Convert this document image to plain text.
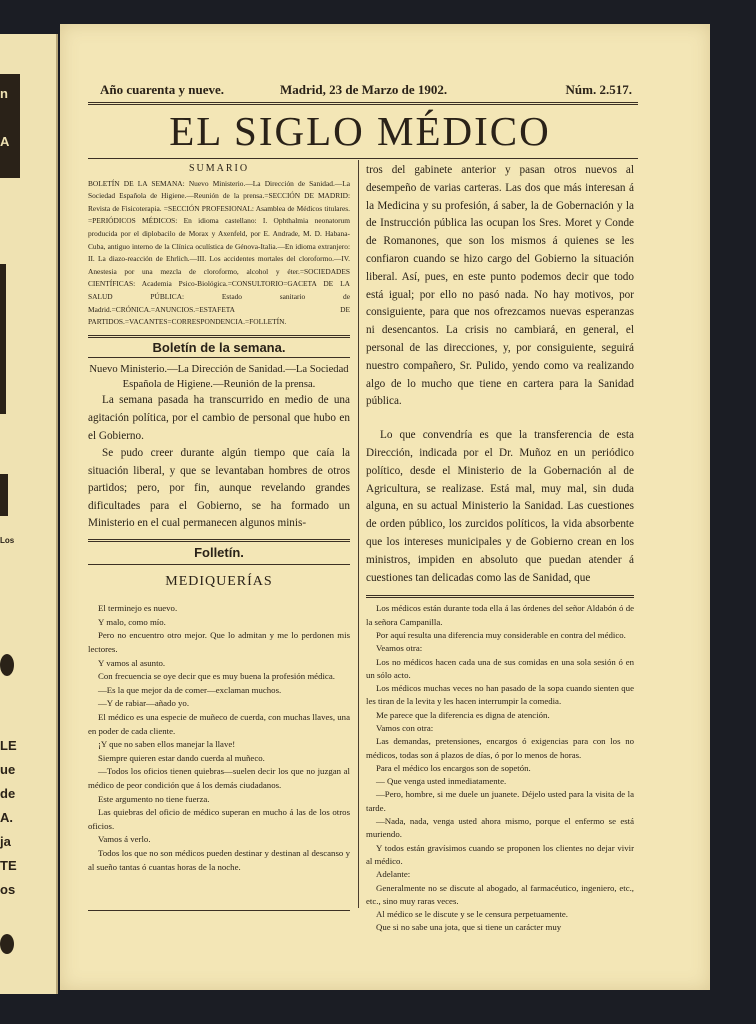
n
A
Los
LE
ue
de
A.
ja
TE
os
Año cuarenta y nueve.	Madrid, 23 de Marzo de 1902.	Núm. 2.517.
EL SIGLO MÉDICO
SUMARIO
BOLETÍN DE LA SEMANA: Nuevo Ministerio.—La Dirección de Sanidad.—La Sociedad Española de Higiene.—Reunión de la prensa.=SECCIÓN DE MADRID: Revista de Fisicoterapia. =SECCIÓN PROFESIONAL: Asamblea de Médicos titulares. =PERIÓDICOS MÉDICOS: En idioma castellano: I. Ophthalmia neonatorum producida por el diplobacilo de Morax y Axenfeld, por E. Andrade, M. D. Habana-Cuba, antiguo interno de la Clínica oculística de Génova-Italia.—En idioma extranjero: II. La diazo-reacción de Ehrlich.—III. Los accidentes mortales del cloroformo.—IV. Anestesia por una mezcla de cloroformo, alcohol y éter.=SOCIEDADES CIENTÍFICAS: Academia Psico-Biológica.=CONSULTORIO=GACETA DE LA SALUD PÚBLICA: Estado sanitario de Madrid.=CRÓNICA.=ANUNCIOS.=ESTAFETA DE PARTIDOS.=VACANTES=CORRESPONDENCIA.=FOLLETÍN.
Boletín de la semana.

Nuevo Ministerio.—La Dirección de Sanidad.—La Sociedad Española de Higiene.—Reunión de la prensa.

La semana pasada ha transcurrido en medio de una agitación política, por el cambio de personal que hubo en el Gobierno.

Se pudo creer durante algún tiempo que caía la situación liberal, y que se levantaban hombres de otros partidos; pero, por fin, aunque revelando grandes dificultades para el Gobierno, se ha formado un Ministerio en el cual permanecen algunos minis-

Folletín.
MEDIQUERÍAS

El terminejo es nuevo.

Y malo, como mío.

Pero no encuentro otro mejor. Que lo admitan y me lo perdonen mis lectores.

Y vamos al asunto.

Con frecuencia se oye decir que es muy buena la profesión médica.

—Es la que mejor da de comer—exclaman muchos.

—Y de rabiar—añado yo.

El médico es una especie de muñeco de cuerda, con muchas llaves, una en poder de cada cliente.

¡Y que no saben ellos manejar la llave!

Siempre quieren estar dando cuerda al muñeco.

—Todos los oficios tienen quiebras—suelen decir los que no juzgan al médico de peor condición que á los demás ciudadanos.

Este argumento no tiene fuerza.

Las quiebras del oficio de médico superan en mucho á las de los otros oficios.

Vamos á verlo.

Todos los que no son médicos pueden destinar y destinan al descanso y al sueño tantas ó cuantas horas de la noche.

tros del gabinete anterior y pasan otros nuevos al desempeño de varias carteras. Las dos que más interesan á la Medicina y su profesión, á saber, la de Gobernación y la de Instrucción pública las ocupan los Sres. Moret y Conde de Romanones, que son los mismos á quienes se les confiaron cuando se hizo cargo del Gobierno la situación liberal. Así, pues, en este punto podemos decir que todo está igual; por ello no pasó nada. No hay motivos, por consiguiente, para que nos ofrezcamos nuevas esperanzas ni desencantos. La crisis no cambiará, en general, el personal de las direcciones, y, por consiguiente, seguirá nuestro compañero, Sr. Pulido, yendo como va realizando algo de lo mucho que tiene en cartera para la Sanidad pública.

Lo que convendría es que la transferencia de esta Dirección, indicada por el Dr. Muñoz en un periódico político, desde el Ministerio de la Gobernación al de Agricultura, se realizase. Está mal, muy mal, sin duda alguna, en su actual Ministerio la Sanidad. Las cuestiones de orden público, los zurcidos políticos, la vida absorbente que los intereses municipales y de Gobierno crean en los ministros, impiden en absoluto que puedan atender á cuestiones tan delicadas como las de Sanidad, que

Los médicos están durante toda ella á las órdenes del señor Aldabón ó de la señora Campanilla.

Por aquí resulta una diferencia muy considerable en contra del médico.

Veamos otra:

Los no médicos hacen cada una de sus comidas en una sola sesión ó en un sólo acto.

Los médicos muchas veces no han pasado de la sopa cuando sienten que les tiran de la levita y les hacen interrumpir la comedia.

Me parece que la diferencia es digna de atención.

Vamos con otra:

Las demandas, pretensiones, encargos ó exigencias para con los no médicos, todas son á plazos de días, ó por lo menos de horas.

Para el médico los encargos son de sopetón.

— Que venga usted inmediatamente.

—Pero, hombre, si me duele un juanete. Déjelo usted para la visita de la tarde.

—Nada, nada, venga usted ahora mismo, porque el enfermo se está muriendo.

Y todos están gravísimos cuando se proponen los clientes no dejar vivir al médico.

Adelante:

Generalmente no se discute al abogado, al farmacéutico, ingeniero, etc., etc., sino muy raras veces.

Al médico se le discute y se le censura perpetuamente.

Que si no sabe una jota, que si tiene un carácter muy
